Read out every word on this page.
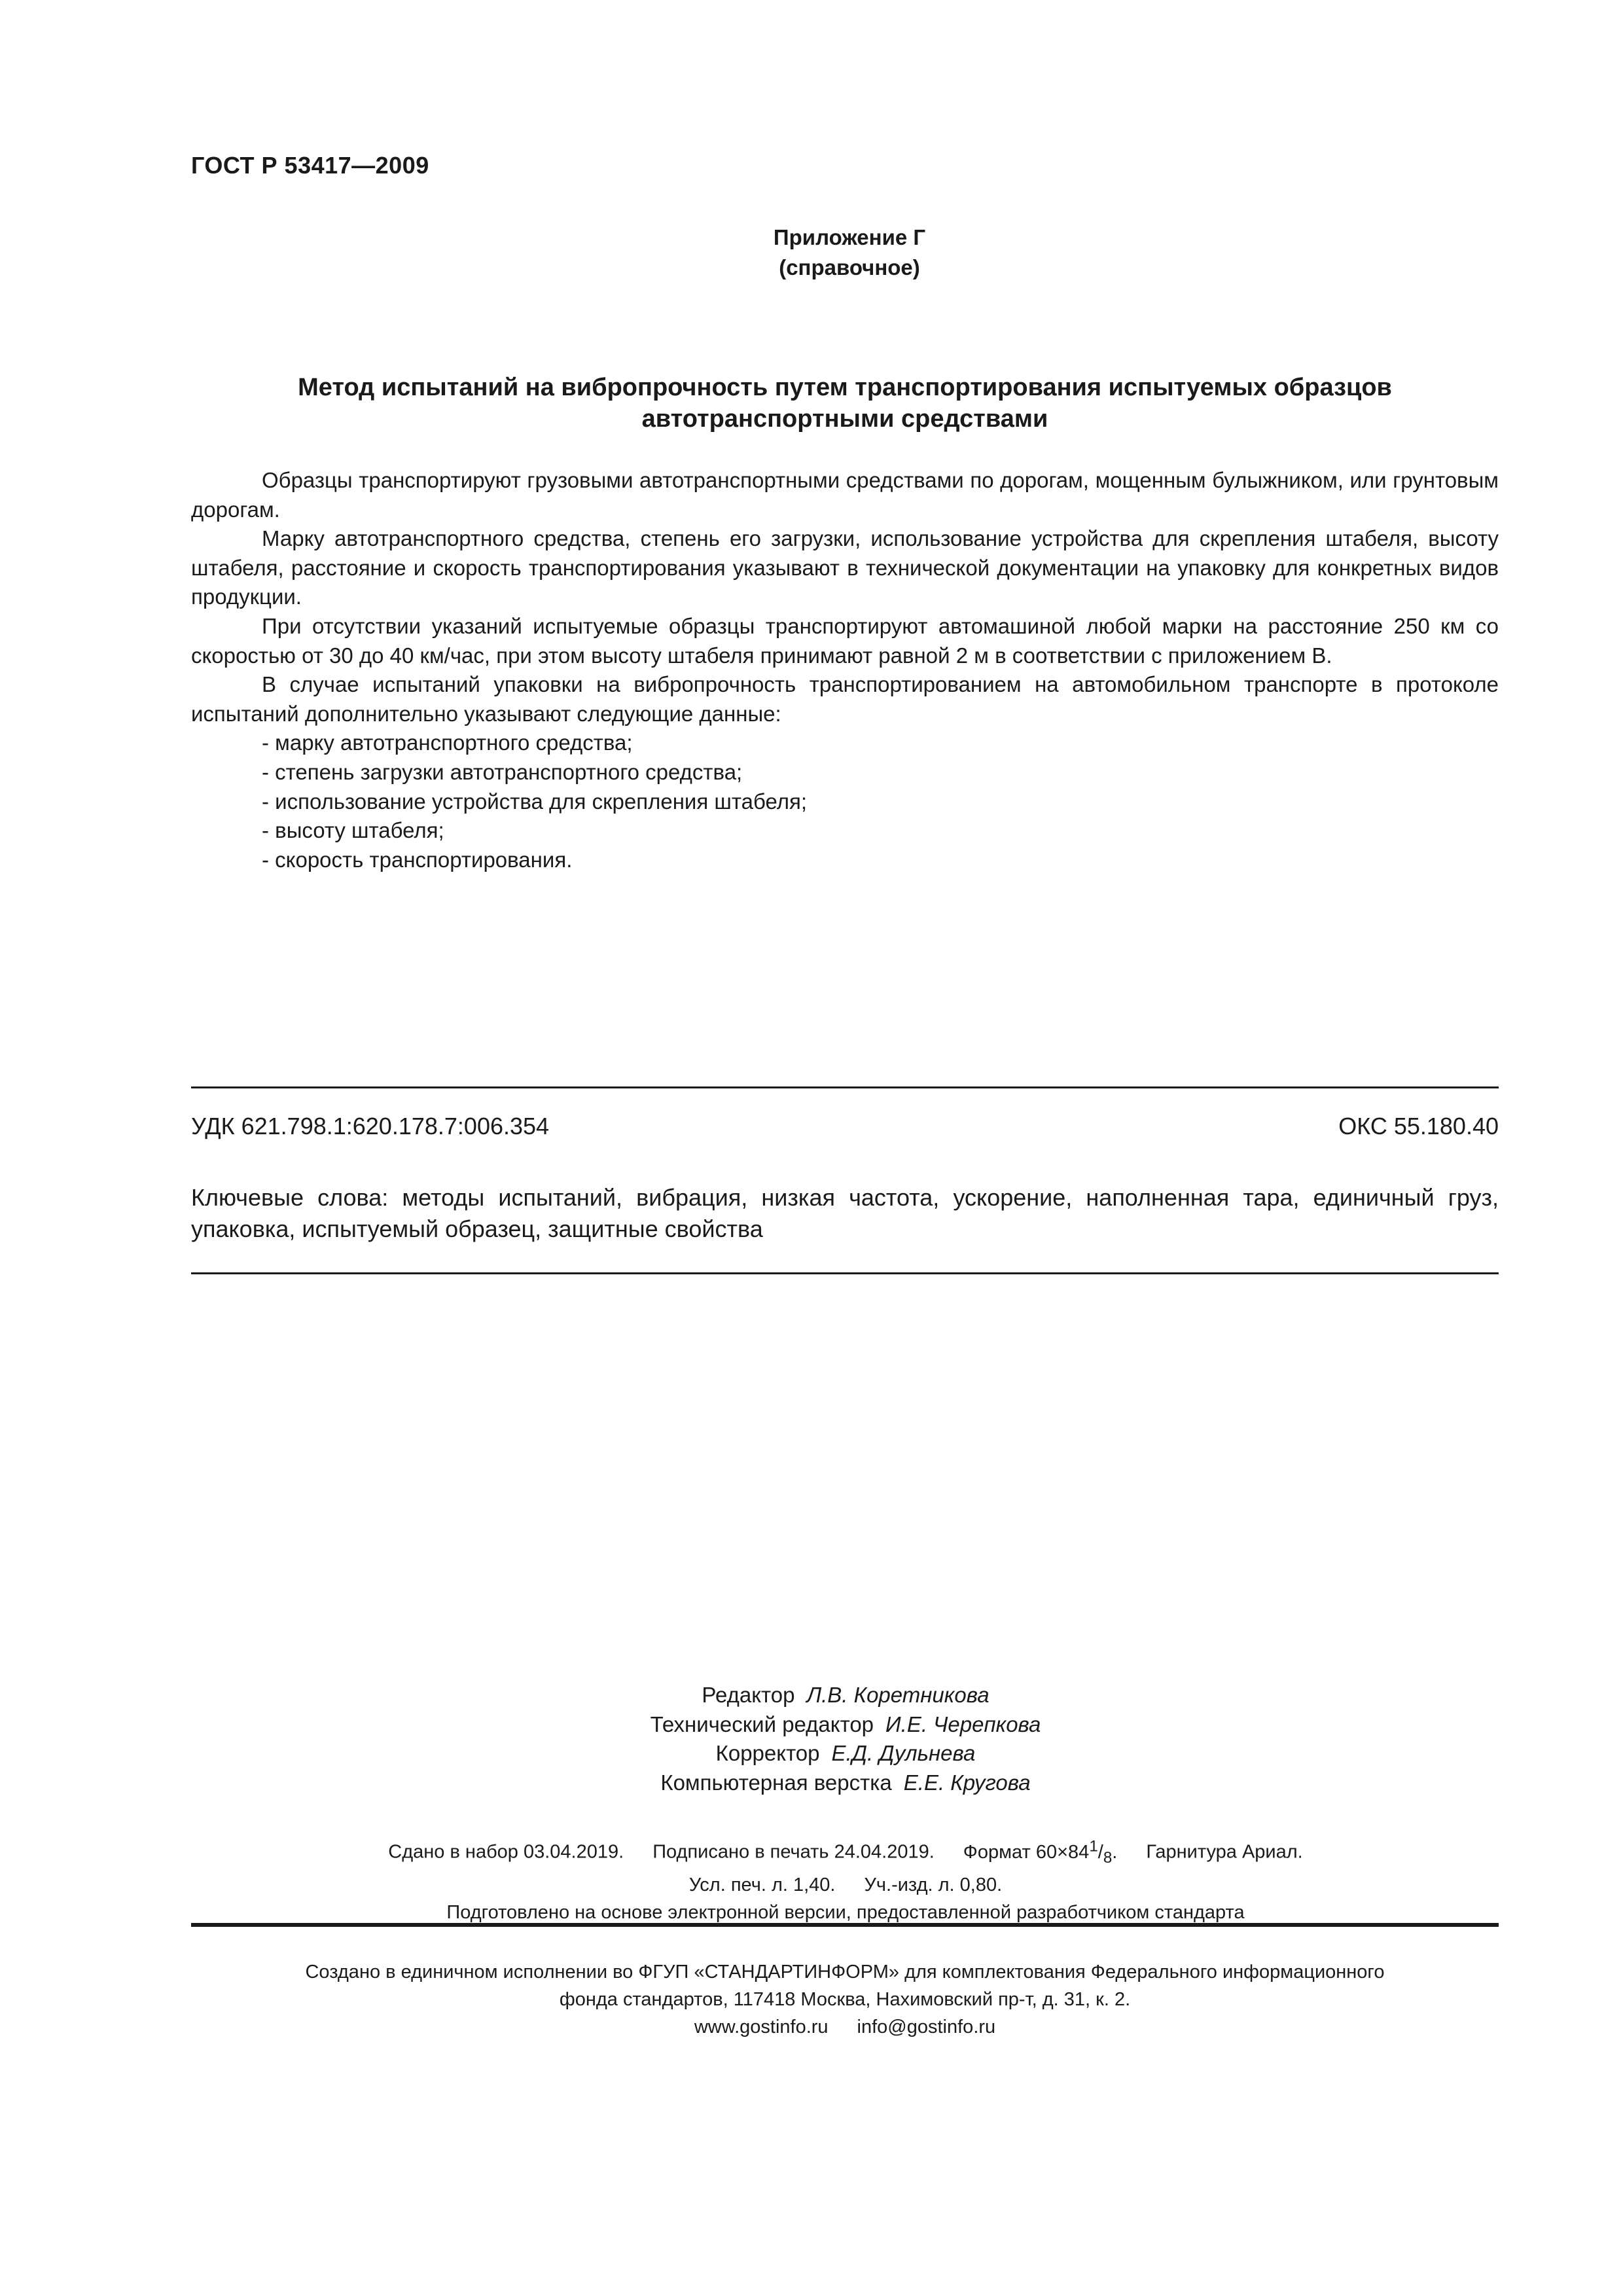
ГОСТ Р 53417—2009
Приложение Г
(справочное)
Метод испытаний на вибропрочность путем транспортирования испытуемых образцов
автотранспортными средствами

Образцы транспортируют грузовыми автотранспортными средствами по дорогам, мощенным булыжником, или грунтовым дорогам.

Марку автотранспортного средства, степень его загрузки, использование устройства для скрепления штабеля, высоту штабеля, расстояние и скорость транспортирования указывают в технической документации на упаковку для конкретных видов продукции.

При отсутствии указаний испытуемые образцы транспортируют автомашиной любой марки на расстояние 250 км со скоростью от 30 до 40 км/час, при этом высоту штабеля принимают равной 2 м в соответствии с приложением В.

В случае испытаний упаковки на вибропрочность транспортированием на автомобильном транспорте в протоколе испытаний дополнительно указывают следующие данные:

- марку автотранспортного средства;
- степень загрузки автотранспортного средства;
- использование устройства для скрепления штабеля;
- высоту штабеля;
- скорость транспортирования.
УДК 621.798.1:620.178.7:006.354	ОКС 55.180.40
Ключевые слова: методы испытаний, вибрация, низкая частота, ускорение, наполненная тара, единичный груз, упаковка, испытуемый образец, защитные свойства
Редактор Л.В. Коретникова
Технический редактор И.Е. Черепкова
Корректор Е.Д. Дульнева
Компьютерная верстка Е.Е. Кругова
Сдано в набор 03.04.2019. Подписано в печать 24.04.2019. Формат $60\times 84^1/_8$. Гарнитура Ариал.
Усл. печ. л. 1,40. Уч.-изд. л. 0,80.
Подготовлено на основе электронной версии, предоставленной разработчиком стандарта
Создано в единичном исполнении во ФГУП «СТАНДАРТИНФОРМ» для комплектования Федерального информационного
фонда стандартов, 117418 Москва, Нахимовский пр-т, д. 31, к. 2.
www.gostinfo.ru info@gostinfo.ru
